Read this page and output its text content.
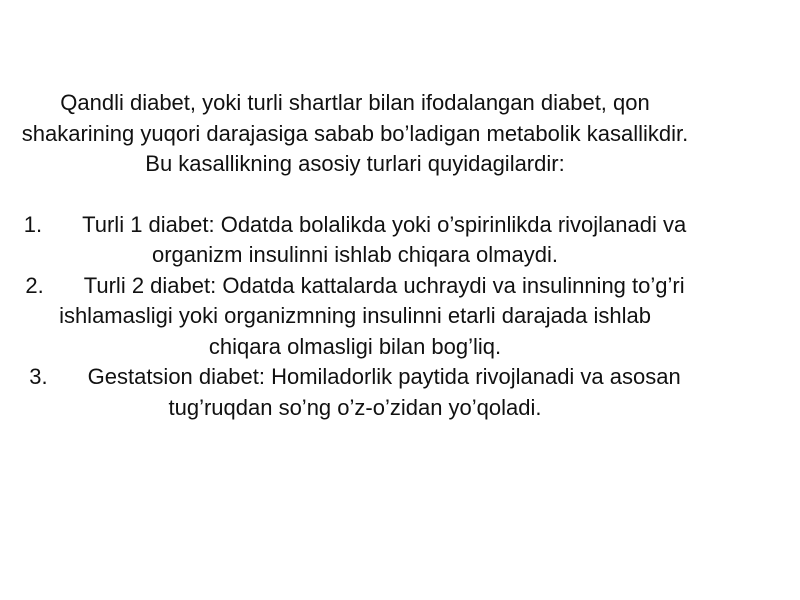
Qandli diabet, yoki turli shartlar bilan ifodalangan diabet, qon shakarining yuqori darajasiga sabab bo’ladigan metabolik kasallikdir. Bu kasallikning asosiy turlari quyidagilardir:

1. Turli 1 diabet: Odatda bolalikda yoki o’spirinlikda rivojlanadi va organizm insulinni ishlab chiqara olmaydi.

2. Turli 2 diabet: Odatda kattalarda uchraydi va insulinning to’g’ri ishlamasligi yoki organizmning insulinni etarli darajada ishlab chiqara olmasligi bilan bog’liq.

3. Gestatsion diabet: Homiladorlik paytida rivojlanadi va asosan tug’ruqdan so’ng o’z-o’zidan yo’qoladi.
